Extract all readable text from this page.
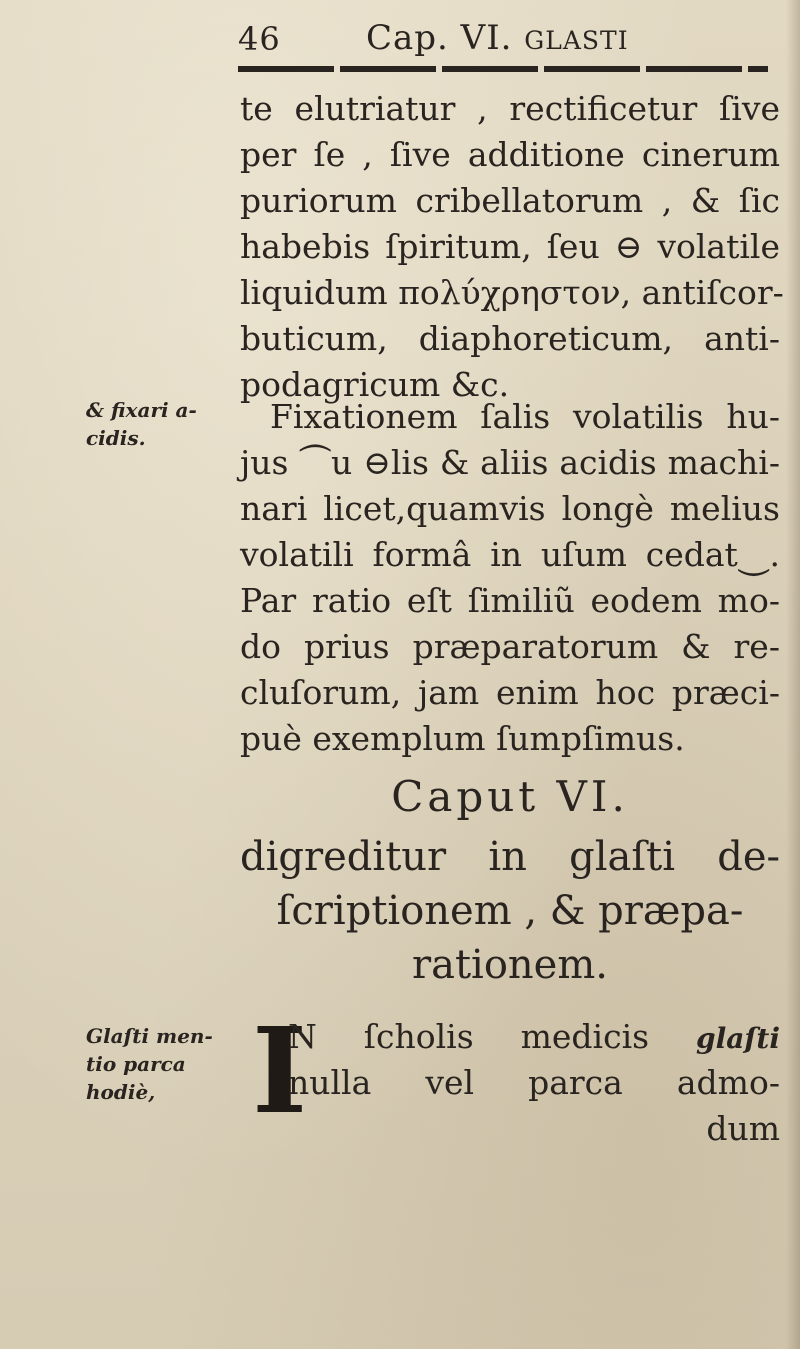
46	Cap. VI. GLASTI
te elutriatur , rectificetur ſive
per ſe , ſive additione cinerum
puriorum cribellatorum , & ſic
habebis ſpiritum, ſeu ⊖ volatile
liquidum πολύχρηστον, antiſcor-
buticum, diaphoreticum, anti-
podagricum &c.
& fixari a-
cidis.
Fixationem ſalis volatilis hu-
jus ⏜u ⊖lis & aliis acidis machi-
nari licet,quamvis longè melius
volatili formâ in uſum cedat⏝.
Par ratio eſt ſimiliũ eodem mo-
do prius præparatorum & re-
cluſorum, jam enim hoc præci-
puè exemplum ſumpſimus.
Caput VI.
digreditur in glaſti de-
ſcriptionem , & præpa-
rationem.
Glaſti men-
tio parca
hodiè, I
N ſcholis medicis glaſti
nulla vel parca admo-
dum
